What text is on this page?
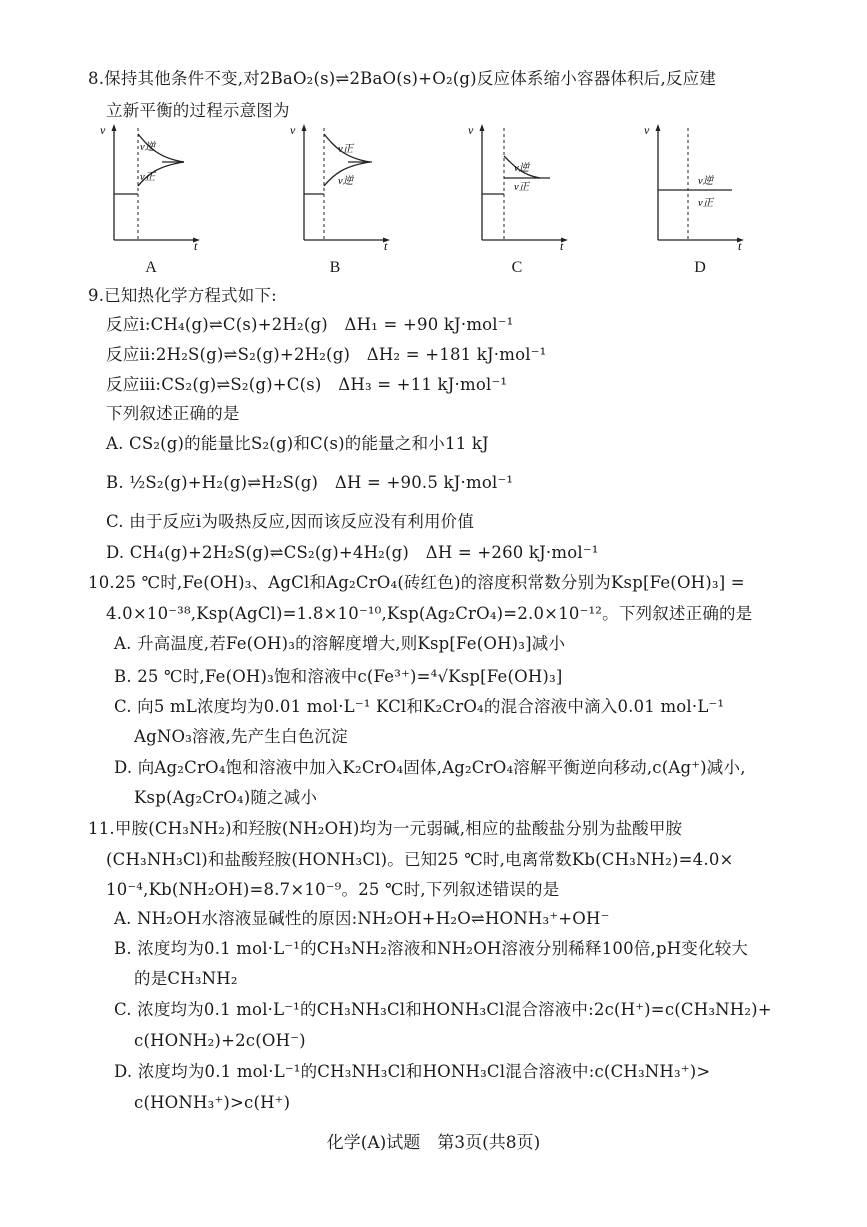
8.保持其他条件不变,对2BaO₂(s)⇌2BaO(s)+O₂(g)反应体系缩小容器体积后,反应建
立新平衡的过程示意图为
v
t
v逆
v正
A
v
t
v正
v逆
B
v
t
v逆
v正
C
v
t
v逆
v正
D
9.已知热化学方程式如下:
反应ⅰ:CH₄(g)⇌C(s)+2H₂(g)　ΔH₁ = +90 kJ·mol⁻¹
反应ⅱ:2H₂S(g)⇌S₂(g)+2H₂(g)　ΔH₂ = +181 kJ·mol⁻¹
反应ⅲ:CS₂(g)⇌S₂(g)+C(s)　ΔH₃ = +11 kJ·mol⁻¹
下列叙述正确的是
A. CS₂(g)的能量比S₂(g)和C(s)的能量之和小11 kJ
B. ½S₂(g)+H₂(g)⇌H₂S(g)　ΔH = +90.5 kJ·mol⁻¹
C. 由于反应ⅰ为吸热反应,因而该反应没有利用价值
D. CH₄(g)+2H₂S(g)⇌CS₂(g)+4H₂(g)　ΔH = +260 kJ·mol⁻¹
10.25 ℃时,Fe(OH)₃、AgCl和Ag₂CrO₄(砖红色)的溶度积常数分别为Ksp[Fe(OH)₃] =
4.0×10⁻³⁸,Ksp(AgCl)=1.8×10⁻¹⁰,Ksp(Ag₂CrO₄)=2.0×10⁻¹²。下列叙述正确的是
A. 升高温度,若Fe(OH)₃的溶解度增大,则Ksp[Fe(OH)₃]减小
B. 25 ℃时,Fe(OH)₃饱和溶液中c(Fe³⁺)=⁴√Ksp[Fe(OH)₃]
C. 向5 mL浓度均为0.01 mol·L⁻¹ KCl和K₂CrO₄的混合溶液中滴入0.01 mol·L⁻¹
AgNO₃溶液,先产生白色沉淀
D. 向Ag₂CrO₄饱和溶液中加入K₂CrO₄固体,Ag₂CrO₄溶解平衡逆向移动,c(Ag⁺)减小,
Ksp(Ag₂CrO₄)随之减小
11.甲胺(CH₃NH₂)和羟胺(NH₂OH)均为一元弱碱,相应的盐酸盐分别为盐酸甲胺
(CH₃NH₃Cl)和盐酸羟胺(HONH₃Cl)。已知25 ℃时,电离常数Kb(CH₃NH₂)=4.0×
10⁻⁴,Kb(NH₂OH)=8.7×10⁻⁹。25 ℃时,下列叙述错误的是
A. NH₂OH水溶液显碱性的原因:NH₂OH+H₂O⇌HONH₃⁺+OH⁻
B. 浓度均为0.1 mol·L⁻¹的CH₃NH₂溶液和NH₂OH溶液分别稀释100倍,pH变化较大
的是CH₃NH₂
C. 浓度均为0.1 mol·L⁻¹的CH₃NH₃Cl和HONH₃Cl混合溶液中:2c(H⁺)=c(CH₃NH₂)+
c(HONH₂)+2c(OH⁻)
D. 浓度均为0.1 mol·L⁻¹的CH₃NH₃Cl和HONH₃Cl混合溶液中:c(CH₃NH₃⁺)>
c(HONH₃⁺)>c(H⁺)
化学(A)试题　第3页(共8页)
